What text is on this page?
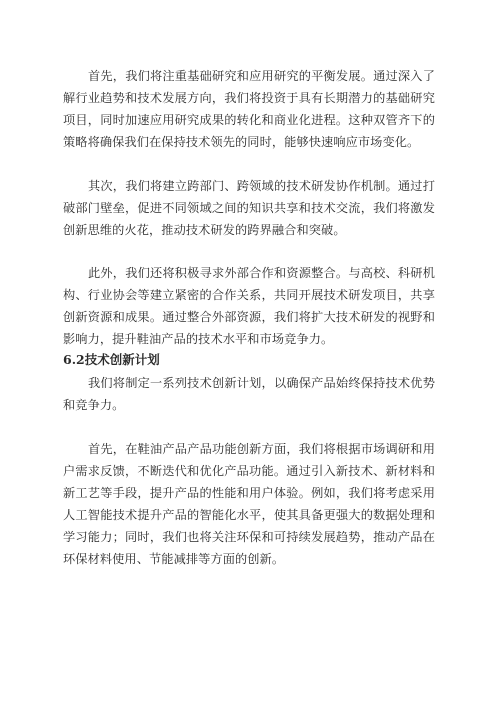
首先，我们将注重基础研究和应用研究的平衡发展。通过深入了解行业趋势和技术发展方向，我们将投资于具有长期潜力的基础研究项目，同时加速应用研究成果的转化和商业化进程。这种双管齐下的策略将确保我们在保持技术领先的同时，能够快速响应市场变化。

其次，我们将建立跨部门、跨领域的技术研发协作机制。通过打破部门壁垒，促进不同领域之间的知识共享和技术交流，我们将激发创新思维的火花，推动技术研发的跨界融合和突破。

此外，我们还将积极寻求外部合作和资源整合。与高校、科研机构、行业协会等建立紧密的合作关系，共同开展技术研发项目，共享创新资源和成果。通过整合外部资源，我们将扩大技术研发的视野和影响力，提升鞋油产品的技术水平和市场竞争力。

6.2技术创新计划

我们将制定一系列技术创新计划，以确保产品始终保持技术优势和竞争力。

首先，在鞋油产品产品功能创新方面，我们将根据市场调研和用户需求反馈，不断迭代和优化产品功能。通过引入新技术、新材料和新工艺等手段，提升产品的性能和用户体验。例如，我们将考虑采用人工智能技术提升产品的智能化水平，使其具备更强大的数据处理和学习能力；同时，我们也将关注环保和可持续发展趋势，推动产品在环保材料使用、节能减排等方面的创新。
